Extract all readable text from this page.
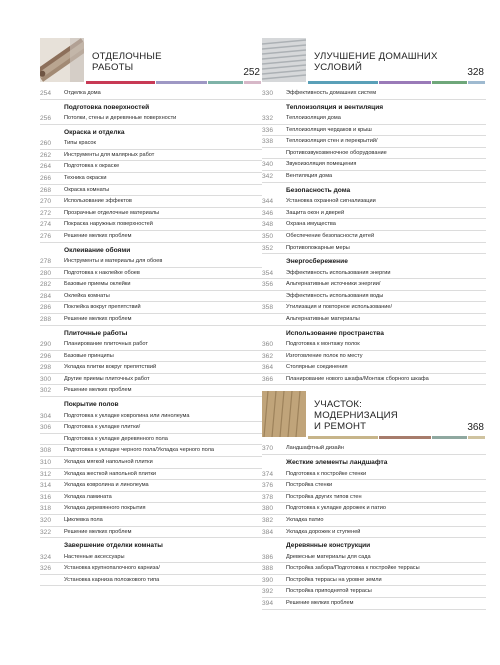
ОТДЕЛОЧНЫЕ
РАБОТЫ	252
254	Отделка дома
Подготовка поверхностей
256	Потолки, стены и деревянные поверхности
Окраска и отделка
260	Типы красок
262	Инструменты для малярных работ
264	Подготовка к окраске
266	Техника окраски
268	Окраска комнаты
270	Использование эффектов
272	Прозрачные отделочные материалы
274	Покраска наружных поверхностей
276	Решение мелких проблем
Оклеивание обоями
278	Инструменты и материалы для обоев
280	Подготовка к наклейке обоев
282	Базовые приемы оклейки
284	Оклейка комнаты
286	Поклейка вокруг препятствий
288	Решение мелких проблем
Плиточные работы
290	Планирование плиточных работ
296	Базовые принципы
298	Укладка плитки вокруг препятствий
300	Другие приемы плиточных работ
302	Решение мелких проблем
Покрытие полов
304	Подготовка к укладке ковролина или линолеума
306	Подготовка к укладке плитки/
Подготовка к укладке деревянного пола
308	Подготовка к укладке черного пола/Укладка черного пола
310	Укладка мягкой напольной плитки
312	Укладка жесткой напольной плитки
314	Укладка ковролина и линолеума
316	Укладка ламината
318	Укладка деревянного покрытия
320	Циклевка пола
322	Решение мелких проблем
Завершение отделки комнаты
324	Настенные аксессуары
326	Установка крупнопалочного карниза/
Установка карниза полозкового типа
УЛУЧШЕНИЕ ДОМАШНИХ
УСЛОВИЙ	328
330	Эффективность домашних систем
Теплоизоляция и вентиляция
332	Теплоизоляция дома
336	Теплоизоляция чердаков и крыш
338	Теплоизоляция стен и перекрытий/
Противозвукозвеночное оборудование
340	Звукоизоляция помещения
342	Вентиляция дома
Безопасность дома
344	Установка охранной сигнализации
346	Защита окон и дверей
348	Охрана имущества
350	Обеспечение безопасности детей
352	Противопожарные меры
Энергосбережение
354	Эффективность использования энергии
356	Альтернативные источники энергии/
Эффективность использования воды
358	Утилизация и повторное использование/
Альтернативные материалы
Использование пространства
360	Подготовка к монтажу полок
362	Изготовление полок по месту
364	Столярные соединения
366	Планирование нового шкафа/Монтаж сборного шкафа
УЧАСТОК:
МОДЕРНИЗАЦИЯ
И РЕМОНТ	368
370	Ландшафтный дизайн
Жесткие элементы ландшафта
374	Подготовка к постройке стенки
376	Постройка стенки
378	Постройка других типов стен
380	Подготовка к укладке дорожек и патио
382	Укладка патио
384	Укладка дорожек и ступеней
Деревянные конструкции
386	Древесные материалы для сада
388	Постройка забора/Подготовка к постройке террасы
390	Постройка террасы на уровне земли
392	Постройка приподнятой террасы
394	Решение мелких проблем
